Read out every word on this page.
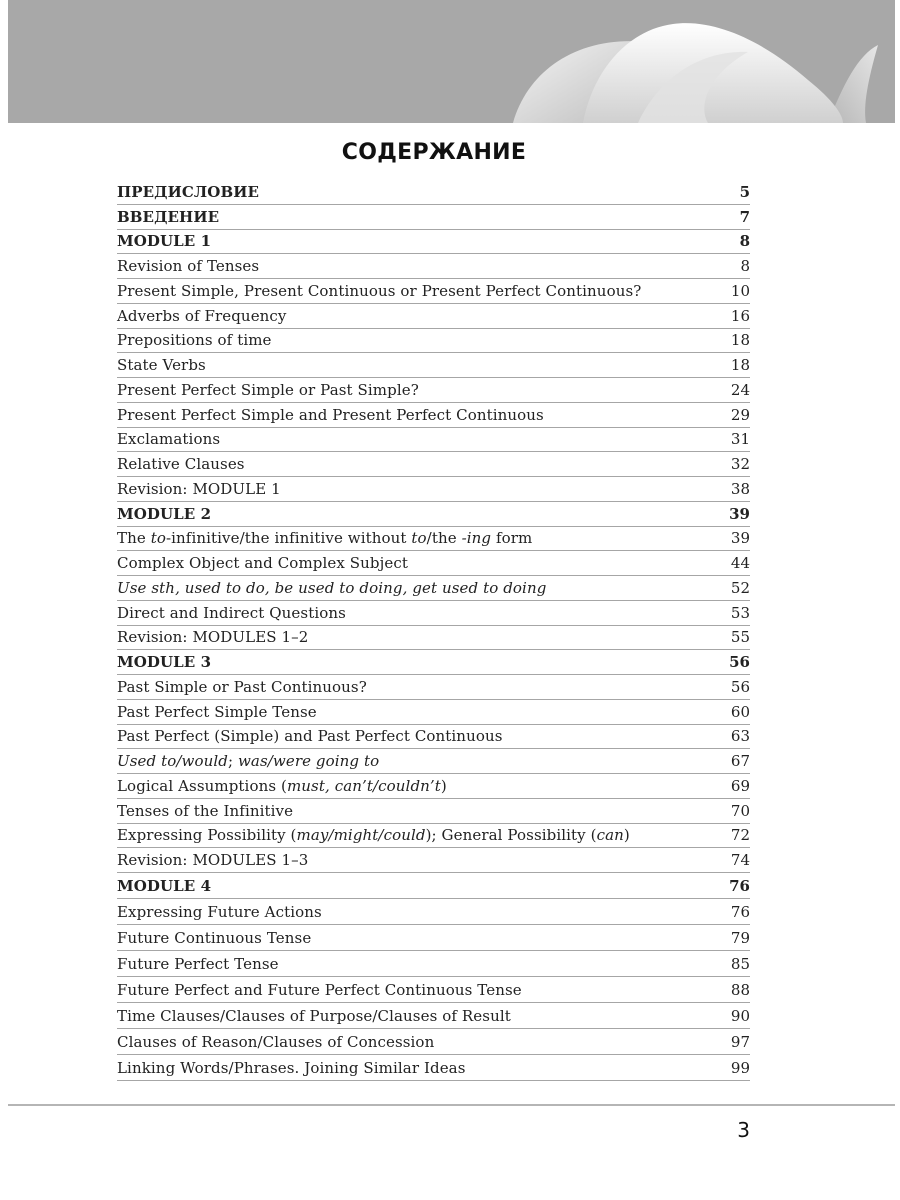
СОДЕРЖАНИЕ
ПРЕДИСЛОВИЕ	5
ВВЕДЕНИЕ	7
MODULE 1	8
Revision of Tenses	8
Present Simple, Present Continuous or Present Perfect Continuous?	10
Adverbs of Frequency	16
Prepositions of time	18
State Verbs	18
Present Perfect Simple or Past Simple?	24
Present Perfect Simple and Present Perfect Continuous	29
Exclamations	31
Relative Clauses	32
Revision: MODULE 1	38
MODULE 2	39
The to-infinitive/the infinitive without to/the -ing form	39
Complex Object and Complex Subject	44
Use sth, used to do, be used to doing, get used to doing	52
Direct and Indirect Questions	53
Revision: MODULES 1–2	55
MODULE 3	56
Past Simple or Past Continuous?	56
Past Perfect Simple Tense	60
Past Perfect (Simple) and Past Perfect Continuous	63
Used to/would; was/were going to	67
Logical Assumptions (must, can’t/couldn’t)	69
Tenses of the Infinitive	70
Expressing Possibility (may/might/could); General Possibility (can)	72
Revision: MODULES 1–3	74
MODULE 4	76
Expressing Future Actions	76
Future Continuous Tense	79
Future Perfect Tense	85
Future Perfect and Future Perfect Continuous Tense	88
Time Clauses/Clauses of Purpose/Clauses of Result	90
Clauses of Reason/Clauses of Concession	97
Linking Words/Phrases. Joining Similar Ideas	99
3
